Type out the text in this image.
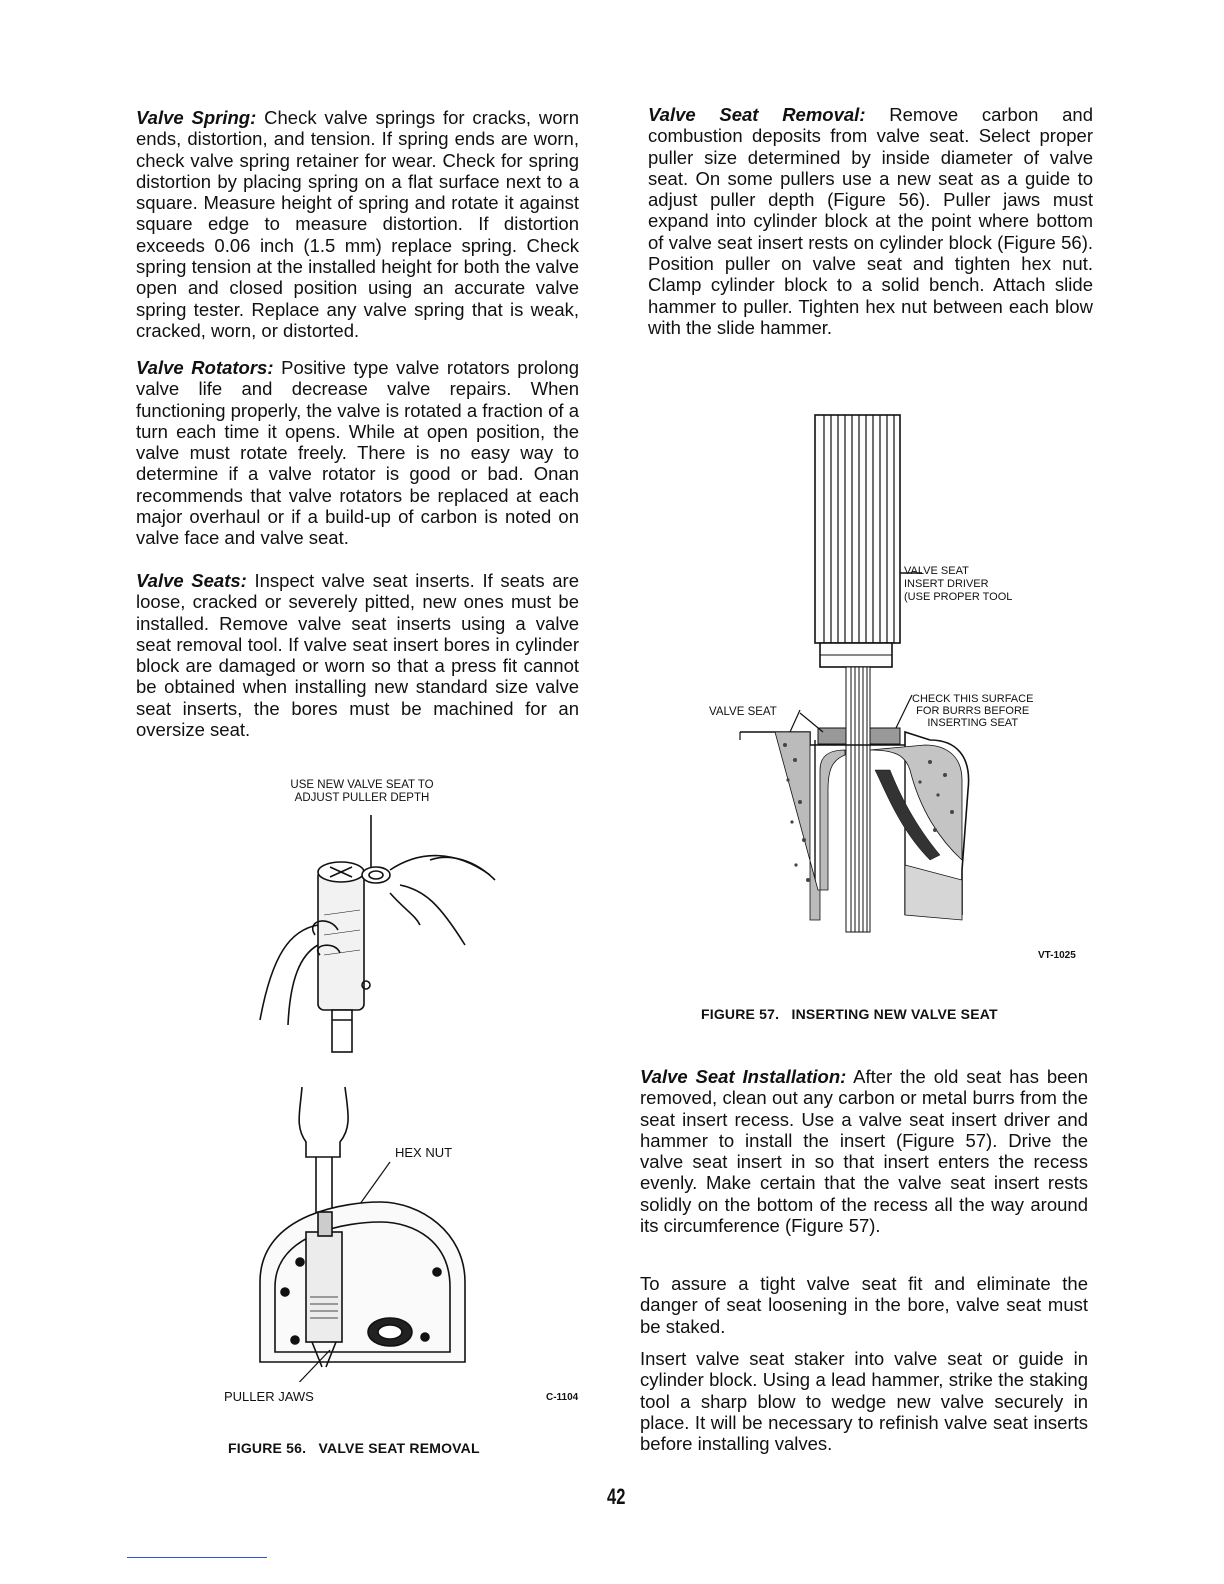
Valve Spring: Check valve springs for cracks, worn ends, distortion, and tension. If spring ends are worn, check valve spring retainer for wear. Check for spring distortion by placing spring on a flat surface next to a square. Measure height of spring and rotate it against square edge to measure distortion. If distortion exceeds 0.06 inch (1.5 mm) replace spring. Check spring tension at the installed height for both the valve open and closed position using an accurate valve spring tester. Replace any valve spring that is weak, cracked, worn, or distorted.

Valve Rotators: Positive type valve rotators prolong valve life and decrease valve repairs. When functioning properly, the valve is rotated a fraction of a turn each time it opens. While at open position, the valve must rotate freely. There is no easy way to determine if a valve rotator is good or bad. Onan recommends that valve rotators be replaced at each major overhaul or if a build-up of carbon is noted on valve face and valve seat.

Valve Seats: Inspect valve seat inserts. If seats are loose, cracked or severely pitted, new ones must be installed. Remove valve seat inserts using a valve seat removal tool. If valve seat insert bores in cylinder block are damaged or worn so that a press fit cannot be obtained when installing new standard size valve seat inserts, the bores must be machined for an oversize seat.

USE NEW VALVE SEAT TO
ADJUST PULLER DEPTH
HEX NUT
PULLER JAWS	C-1104
FIGURE 56.   VALVE SEAT REMOVAL

Valve Seat Removal: Remove carbon and combustion deposits from valve seat. Select proper puller size determined by inside diameter of valve seat. On some pullers use a new seat as a guide to adjust puller depth (Figure 56). Puller jaws must expand into cylinder block at the point where bottom of valve seat insert rests on cylinder block (Figure 56). Position puller on valve seat and tighten hex nut. Clamp cylinder block to a solid bench. Attach slide hammer to puller. Tighten hex nut between each blow with the slide hammer.

VALVE SEAT
INSERT DRIVER
(USE PROPER TOOL
CHECK THIS SURFACE
FOR BURRS BEFORE
INSERTING SEAT
VALVE SEAT
VT-1025
FIGURE 57.   INSERTING NEW VALVE SEAT

Valve Seat Installation: After the old seat has been removed, clean out any carbon or metal burrs from the seat insert recess. Use a valve seat insert driver and hammer to install the insert (Figure 57). Drive the valve seat insert in so that insert enters the recess evenly. Make certain that the valve seat insert rests solidly on the bottom of the recess all the way around its circumference (Figure 57).

To assure a tight valve seat fit and eliminate the danger of seat loosening in the bore, valve seat must be staked.

Insert valve seat staker into valve seat or guide in cylinder block. Using a lead hammer, strike the staking tool a sharp blow to wedge new valve securely in place. It will be necessary to refinish valve seat inserts before installing valves.

42
